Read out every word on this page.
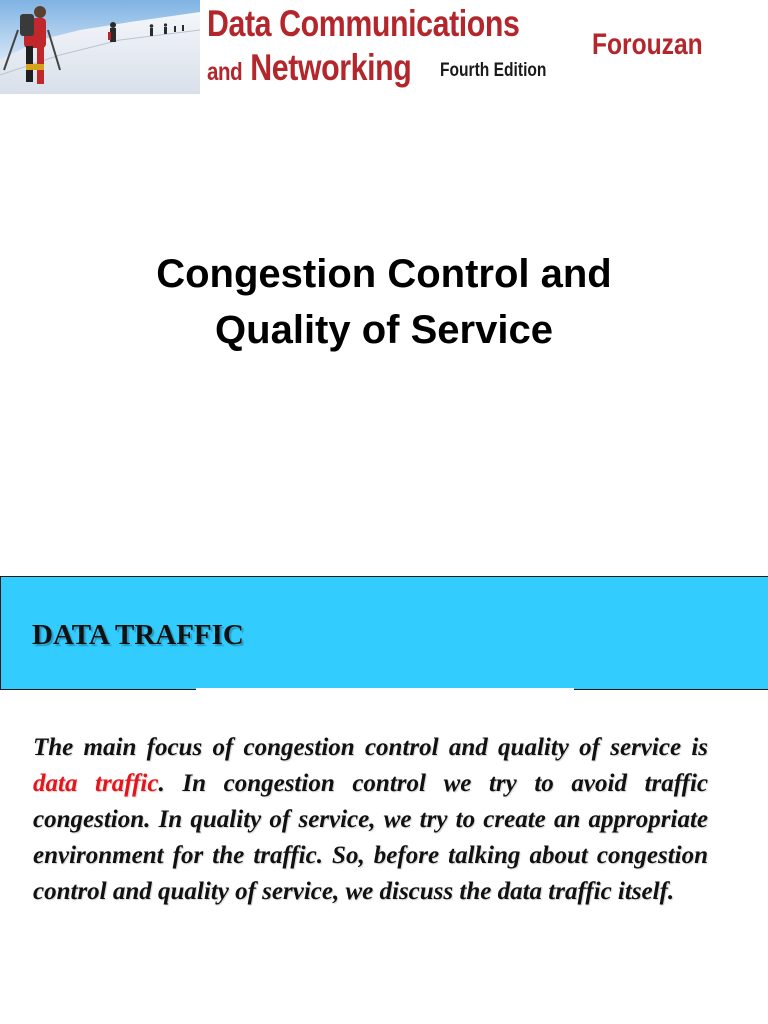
Data Communications
and Networking Fourth Edition
Forouzan
Congestion Control and
Quality of Service
DATA TRAFFIC

The main focus of congestion control and quality of service is data traffic. In congestion control we try to avoid traffic congestion. In quality of service, we try to create an appropriate environment for the traffic. So, before talking about congestion control and quality of service, we discuss the data traffic itself.
